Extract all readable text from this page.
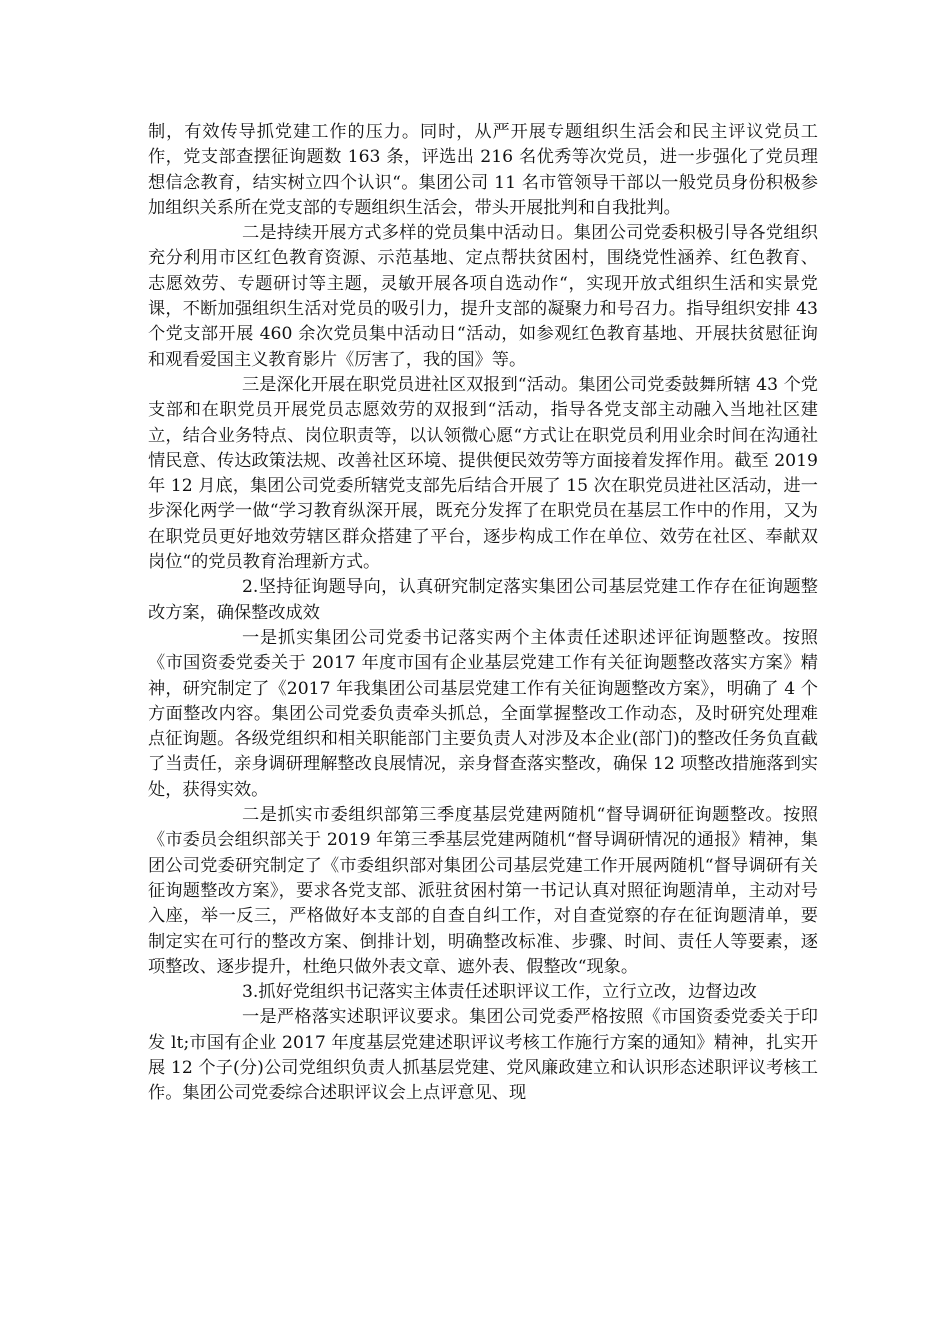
制，有效传导抓党建工作的压力。同时，从严开展专题组织生活会和民主评议党员工作，党支部查摆征询题数 163 条，评选出 216 名优秀等次党员，进一步强化了党员理想信念教育，结实树立四个认识“。集团公司 11 名市管领导干部以一般党员身份积极参加组织关系所在党支部的专题组织生活会，带头开展批判和自我批判。

二是持续开展方式多样的党员集中活动日。集团公司党委积极引导各党组织充分利用市区红色教育资源、示范基地、定点帮扶贫困村，围绕党性涵养、红色教育、志愿效劳、专题研讨等主题，灵敏开展各项自选动作“，实现开放式组织生活和实景党课，不断加强组织生活对党员的吸引力，提升支部的凝聚力和号召力。指导组织安排 43 个党支部开展 460 余次党员集中活动日“活动，如参观红色教育基地、开展扶贫慰征询和观看爱国主义教育影片《厉害了，我的国》等。

三是深化开展在职党员进社区双报到“活动。集团公司党委鼓舞所辖 43 个党支部和在职党员开展党员志愿效劳的双报到“活动，指导各党支部主动融入当地社区建立，结合业务特点、岗位职责等，以认领微心愿“方式让在职党员利用业余时间在沟通社情民意、传达政策法规、改善社区环境、提供便民效劳等方面接着发挥作用。截至 2019 年 12 月底，集团公司党委所辖党支部先后结合开展了 15 次在职党员进社区活动，进一步深化两学一做“学习教育纵深开展，既充分发挥了在职党员在基层工作中的作用，又为在职党员更好地效劳辖区群众搭建了平台，逐步构成工作在单位、效劳在社区、奉献双岗位“的党员教育治理新方式。

2.坚持征询题导向，认真研究制定落实集团公司基层党建工作存在征询题整改方案，确保整改成效

一是抓实集团公司党委书记落实两个主体责任述职述评征询题整改。按照《市国资委党委关于 2017 年度市国有企业基层党建工作有关征询题整改落实方案》精神，研究制定了《2017 年我集团公司基层党建工作有关征询题整改方案》，明确了 4 个方面整改内容。集团公司党委负责牵头抓总，全面掌握整改工作动态，及时研究处理难点征询题。各级党组织和相关职能部门主要负责人对涉及本企业(部门)的整改任务负直截了当责任，亲身调研理解整改良展情况，亲身督查落实整改，确保 12 项整改措施落到实处，获得实效。

二是抓实市委组织部第三季度基层党建两随机“督导调研征询题整改。按照《市委员会组织部关于 2019 年第三季基层党建两随机“督导调研情况的通报》精神，集团公司党委研究制定了《市委组织部对集团公司基层党建工作开展两随机“督导调研有关征询题整改方案》，要求各党支部、派驻贫困村第一书记认真对照征询题清单，主动对号入座，举一反三，严格做好本支部的自查自纠工作，对自查觉察的存在征询题清单，要制定实在可行的整改方案、倒排计划，明确整改标准、步骤、时间、责任人等要素，逐项整改、逐步提升，杜绝只做外表文章、遮外表、假整改“现象。

3.抓好党组织书记落实主体责任述职评议工作，立行立改，边督边改

一是严格落实述职评议要求。集团公司党委严格按照《市国资委党委关于印发 lt;市国有企业 2017 年度基层党建述职评议考核工作施行方案的通知》精神，扎实开展 12 个子(分)公司党组织负责人抓基层党建、党风廉政建立和认识形态述职评议考核工作。集团公司党委综合述职评议会上点评意见、现
